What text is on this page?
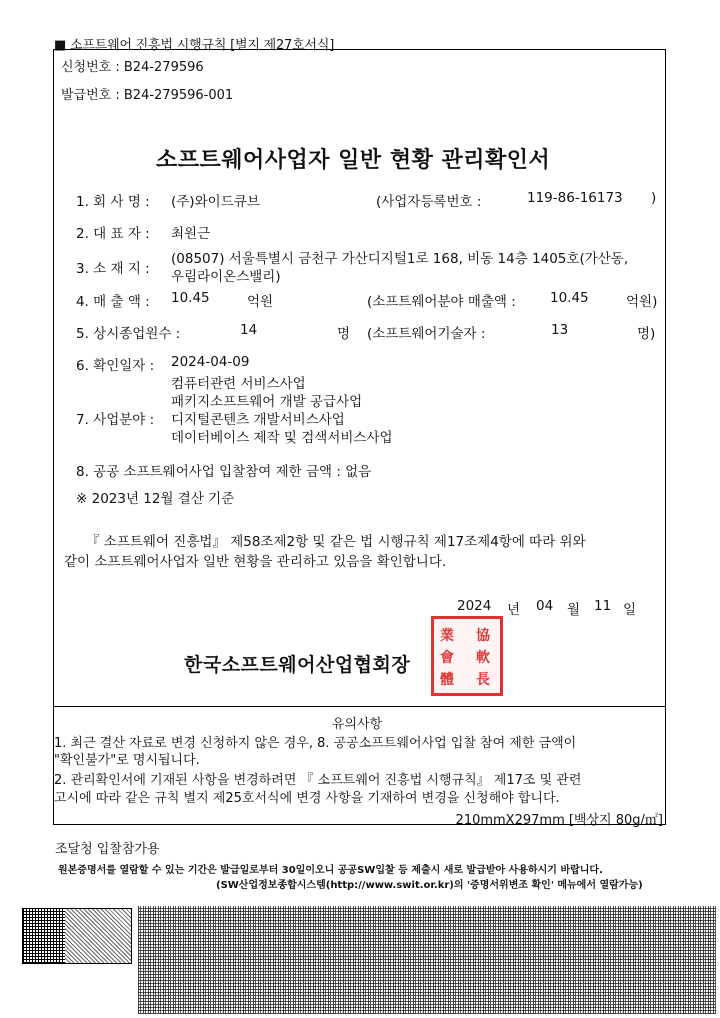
■ 소프트웨어 진흥법 시행규칙 [별지 제27호서식]
신청번호 : B24-279596
발급번호 : B24-279596-001
소프트웨어사업자 일반 현황 관리확인서
1. 회 사 명 : (주)와이드큐브	(사업자등록번호 :	119-86-16173 )
2. 대 표 자 : 최원근
(08507) 서울특별시 금천구 가산디지털1로 168, 비동 14층 1405호(가산동,
3. 소 재 지 : 우림라이온스밸리)
4. 매 출 액 : 10.45	억원	(소프트웨어분야 매출액 :	10.45	억원)
5. 상시종업원수 :	14	명 (소프트웨어기술자 :	13	명)
6. 확인일자 : 2024-04-09
컴퓨터관련 서비스사업
패키지소프트웨어 개발 공급사업
7. 사업분야 : 디지털콘텐츠 개발서비스사업
데이터베이스 제작 및 검색서비스사업
8. 공공 소프트웨어사업 입찰참여 제한 금액 : 없음
※ 2023년 12월 결산 기준
『 소프트웨어 진흥법』 제58조제2항 및 같은 법 시행규칙 제17조제4항에 따라 위와
같이 소프트웨어사업자 일반 현황을 관리하고 있음을 확인합니다.
2024 년 04 월 11 일
한국소프트웨어산업협회장
유의사항
1. 최근 결산 자료로 변경 신청하지 않은 경우, 8. 공공소프트웨어사업 입찰 참여 제한 금액이
"확인불가"로 명시됩니다.
2. 관리확인서에 기재된 사항을 변경하려면 『 소프트웨어 진흥법 시행규칙』 제17조 및 관련
고시에 따라 같은 규칙 별지 제25호서식에 변경 사항을 기재하여 변경을 신청해야 합니다.
210mmX297mm [백상지 80g/㎡]
業 協
會 軟
體 長
조달청 입찰참가용
원본증명서를 열람할 수 있는 기간은 발급일로부터 30일이오니 공공SW입찰 등 제출시 새로 발급받아 사용하시기 바랍니다.
(SW산업정보종합시스템(http://www.swit.or.kr)의 '증명서위변조 확인' 메뉴에서 열람가능)
